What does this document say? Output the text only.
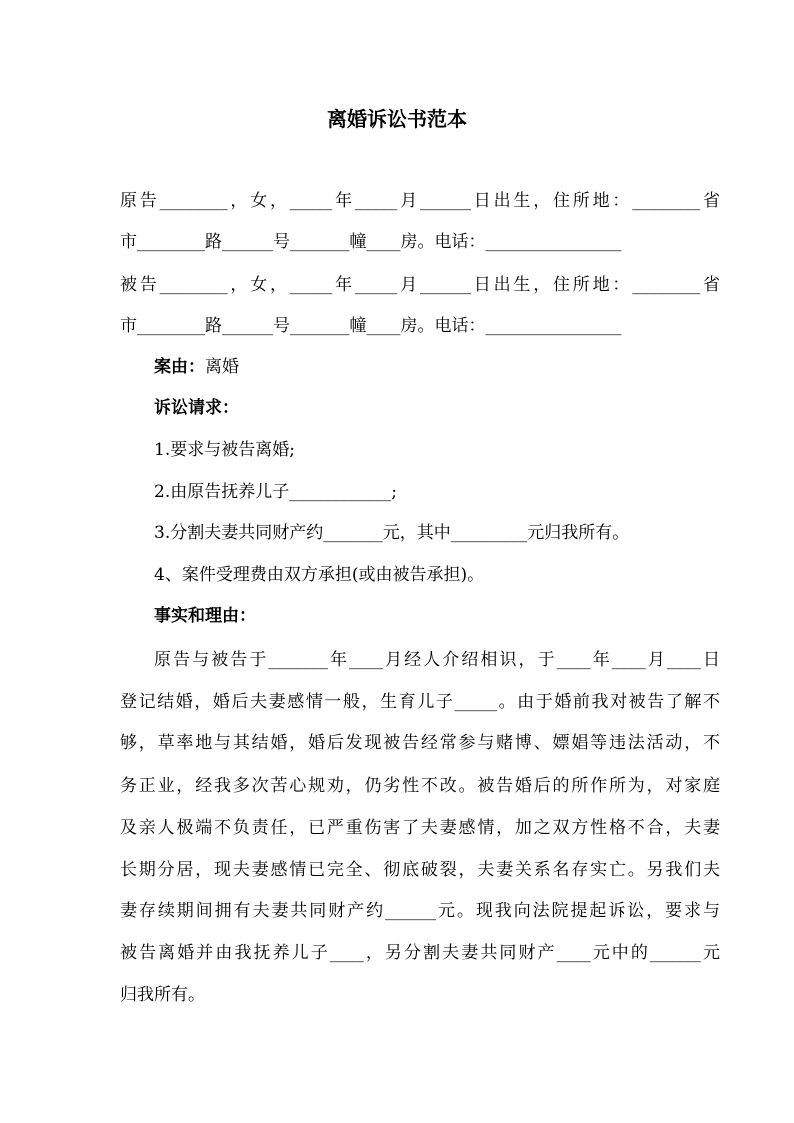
离婚诉讼书范本
原告________，女，_____年_____月______日出生，住所地：________省
市________路______号_______幢____房。电话：________________
被告________，女，_____年_____月______日出生，住所地：________省
市________路______号_______幢____房。电话：________________
案由：离婚
诉讼请求：
1.要求与被告离婚;
2.由原告抚养儿子____________;
3.分割夫妻共同财产约_______元，其中_________元归我所有。
4、案件受理费由双方承担(或由被告承担)。
事实和理由：
原告与被告于_______年____月经人介绍相识，于____年____月____日
登记结婚，婚后夫妻感情一般，生育儿子_____。由于婚前我对被告了解不
够，草率地与其结婚，婚后发现被告经常参与赌博、嫖娼等违法活动，不
务正业，经我多次苦心规劝，仍劣性不改。被告婚后的所作所为，对家庭
及亲人极端不负责任，已严重伤害了夫妻感情，加之双方性格不合，夫妻
长期分居，现夫妻感情已完全、彻底破裂，夫妻关系名存实亡。另我们夫
妻存续期间拥有夫妻共同财产约______元。现我向法院提起诉讼，要求与
被告离婚并由我抚养儿子____，另分割夫妻共同财产____元中的______元
归我所有。
